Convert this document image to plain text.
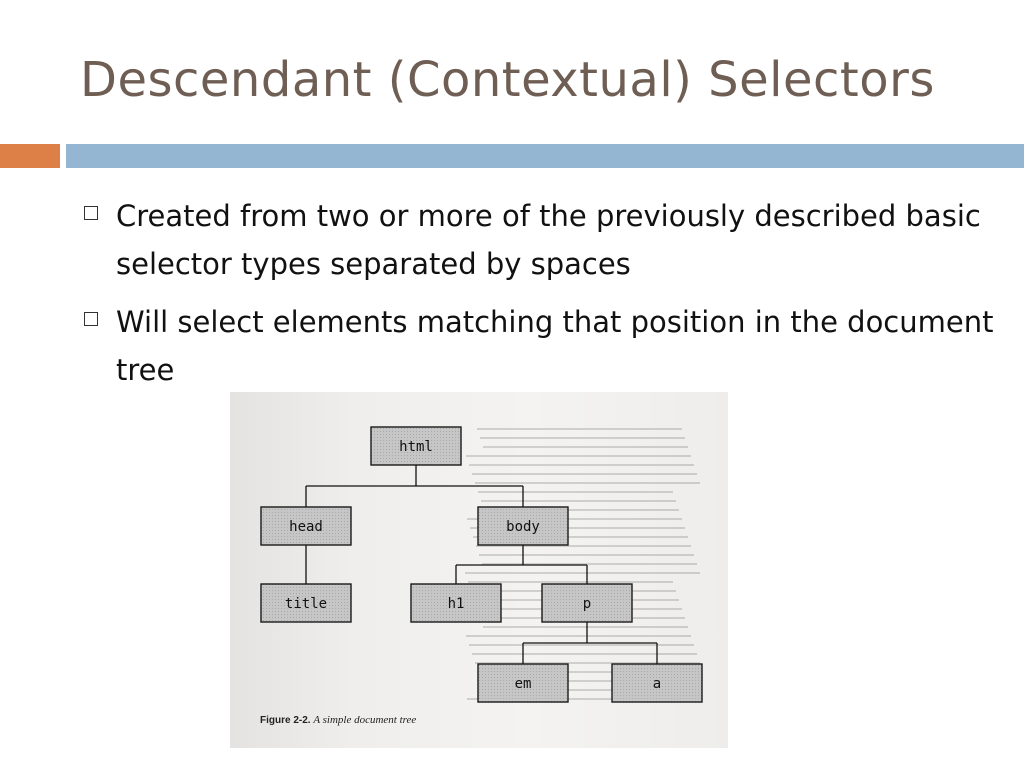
Descendant (Contextual) Selectors
Created from two or more of the previously described basic selector types separated by spaces
Will select elements matching that position in the document tree
html
head	body
title	h1	p
em	a
Figure 2-2. A simple document tree
